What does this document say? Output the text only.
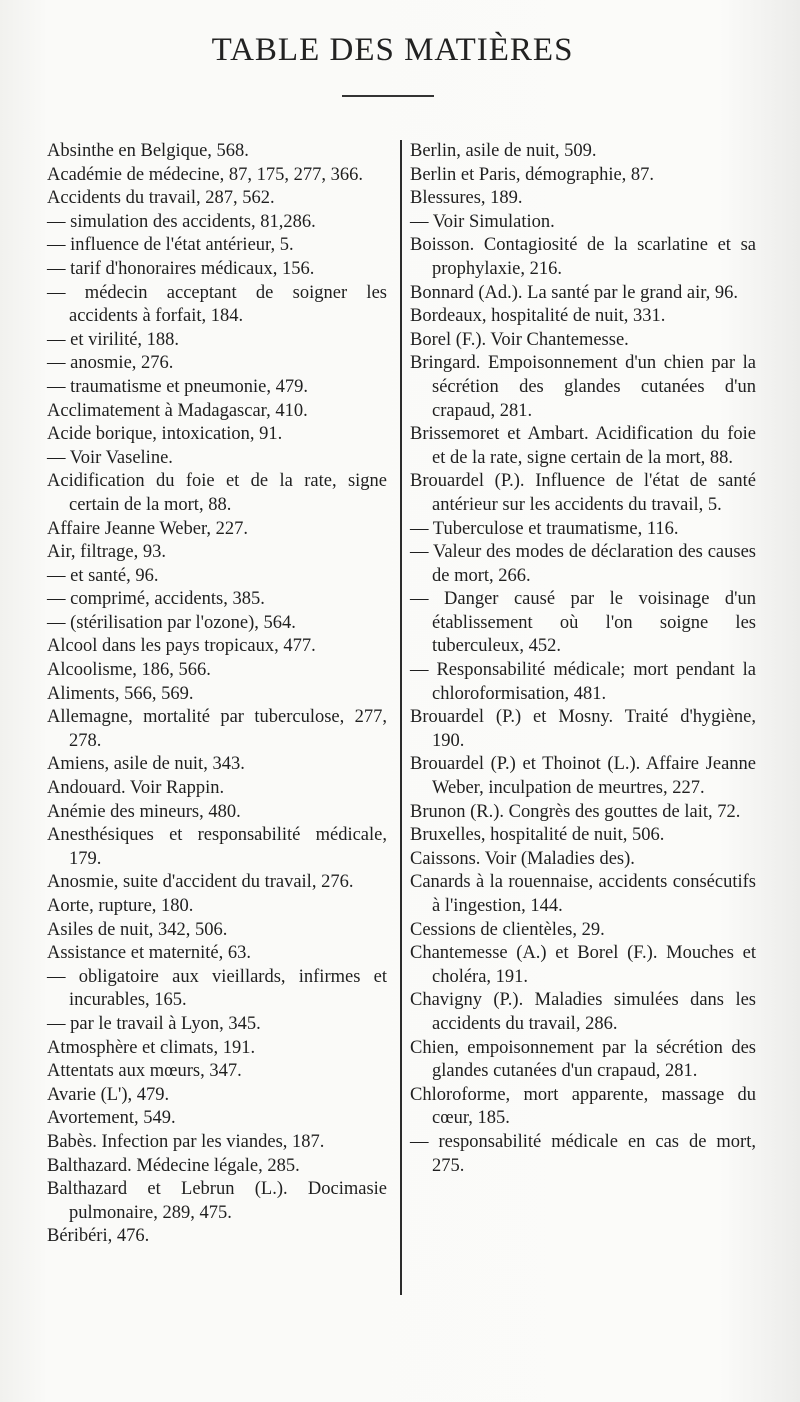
TABLE DES MATIÈRES

Absinthe en Belgique, 568.

Académie de médecine, 87, 175, 277, 366.

Accidents du travail, 287, 562.

— simulation des accidents, 81,286.

— influence de l'état antérieur, 5.

— tarif d'honoraires médicaux, 156.

— médecin acceptant de soigner les accidents à forfait, 184.

— et virilité, 188.

— anosmie, 276.

— traumatisme et pneumonie, 479.

Acclimatement à Madagascar, 410.

Acide borique, intoxication, 91.

— Voir Vaseline.

Acidification du foie et de la rate, signe certain de la mort, 88.

Affaire Jeanne Weber, 227.

Air, filtrage, 93.

— et santé, 96.

— comprimé, accidents, 385.

— (stérilisation par l'ozone), 564.

Alcool dans les pays tropicaux, 477.

Alcoolisme, 186, 566.

Aliments, 566, 569.

Allemagne, mortalité par tuberculose, 277, 278.

Amiens, asile de nuit, 343.

Andouard. Voir Rappin.

Anémie des mineurs, 480.

Anesthésiques et responsabilité médicale, 179.

Anosmie, suite d'accident du travail, 276.

Aorte, rupture, 180.

Asiles de nuit, 342, 506.

Assistance et maternité, 63.

— obligatoire aux vieillards, infirmes et incurables, 165.

— par le travail à Lyon, 345.

Atmosphère et climats, 191.

Attentats aux mœurs, 347.

Avarie (L'), 479.

Avortement, 549.

Babès. Infection par les viandes, 187.

Balthazard. Médecine légale, 285.

Balthazard et Lebrun (L.). Docimasie pulmonaire, 289, 475.

Béribéri, 476.

Berlin, asile de nuit, 509.

Berlin et Paris, démographie, 87.

Blessures, 189.

— Voir Simulation.

Boisson. Contagiosité de la scarlatine et sa prophylaxie, 216.

Bonnard (Ad.). La santé par le grand air, 96.

Bordeaux, hospitalité de nuit, 331.

Borel (F.). Voir Chantemesse.

Bringard. Empoisonnement d'un chien par la sécrétion des glandes cutanées d'un crapaud, 281.

Brissemoret et Ambart. Acidification du foie et de la rate, signe certain de la mort, 88.

Brouardel (P.). Influence de l'état de santé antérieur sur les accidents du travail, 5.

— Tuberculose et traumatisme, 116.

— Valeur des modes de déclaration des causes de mort, 266.

— Danger causé par le voisinage d'un établissement où l'on soigne les tuberculeux, 452.

— Responsabilité médicale; mort pendant la chloroformisation, 481.

Brouardel (P.) et Mosny. Traité d'hygiène, 190.

Brouardel (P.) et Thoinot (L.). Affaire Jeanne Weber, inculpation de meurtres, 227.

Brunon (R.). Congrès des gouttes de lait, 72.

Bruxelles, hospitalité de nuit, 506.

Caissons. Voir (Maladies des).

Canards à la rouennaise, accidents consécutifs à l'ingestion, 144.

Cessions de clientèles, 29.

Chantemesse (A.) et Borel (F.). Mouches et choléra, 191.

Chavigny (P.). Maladies simulées dans les accidents du travail, 286.

Chien, empoisonnement par la sécrétion des glandes cutanées d'un crapaud, 281.

Chloroforme, mort apparente, massage du cœur, 185.

— responsabilité médicale en cas de mort, 275.
